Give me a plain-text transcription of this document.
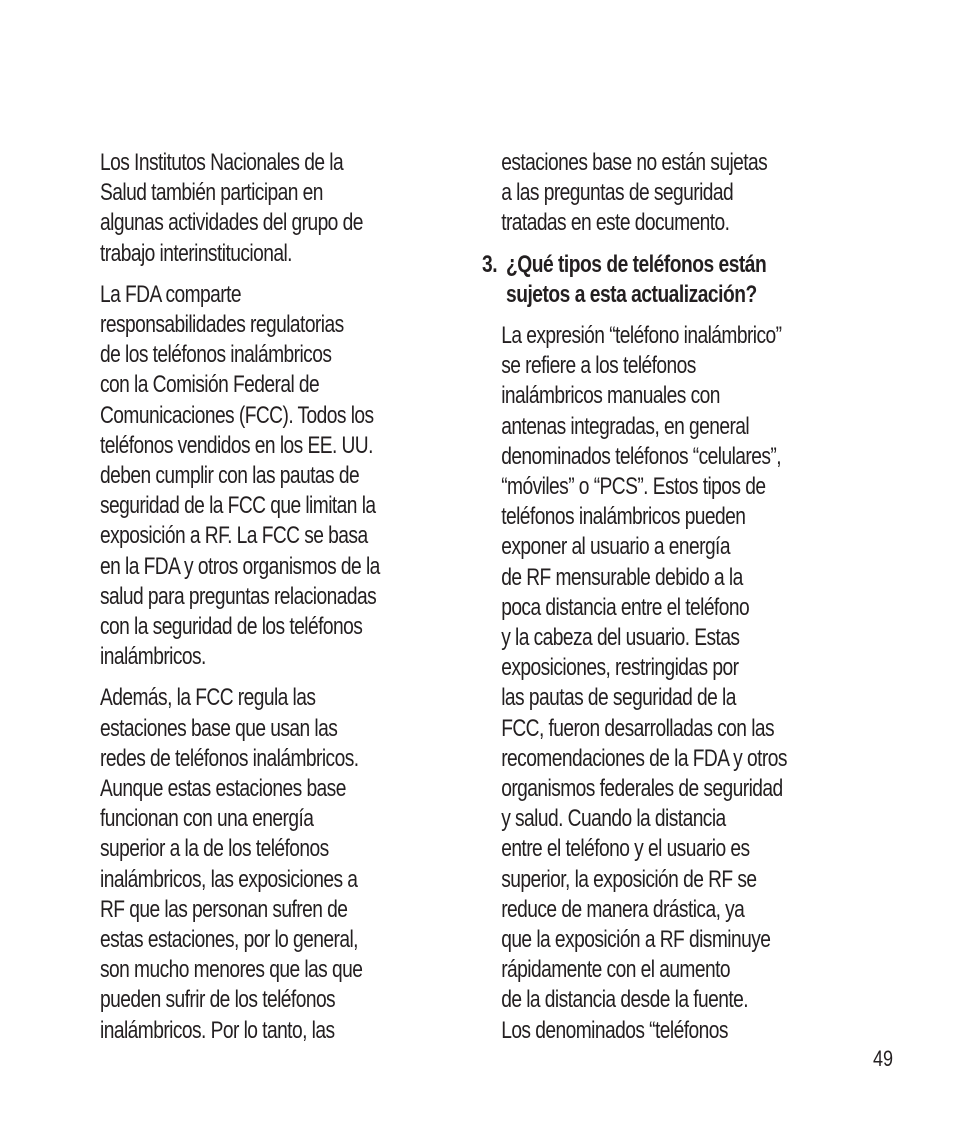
Los Institutos Nacionales de la
Salud también participan en
algunas actividades del grupo de
trabajo interinstitucional.
La FDA comparte
responsabilidades regulatorias
de los teléfonos inalámbricos
con la Comisión Federal de
Comunicaciones (FCC). Todos los
teléfonos vendidos en los EE. UU.
deben cumplir con las pautas de
seguridad de la FCC que limitan la
exposición a RF. La FCC se basa
en la FDA y otros organismos de la
salud para preguntas relacionadas
con la seguridad de los teléfonos
inalámbricos.
Además, la FCC regula las
estaciones base que usan las
redes de teléfonos inalámbricos.
Aunque estas estaciones base
funcionan con una energía
superior a la de los teléfonos
inalámbricos, las exposiciones a
RF que las personan sufren de
estas estaciones, por lo general,
son mucho menores que las que
pueden sufrir de los teléfonos
inalámbricos. Por lo tanto, las
estaciones base no están sujetas
a las preguntas de seguridad
tratadas en este documento.
3. ¿Qué tipos de teléfonos están
sujetos a esta actualización?
La expresión “teléfono inalámbrico”
se refiere a los teléfonos
inalámbricos manuales con
antenas integradas, en general
denominados teléfonos “celulares”,
“móviles” o “PCS”. Estos tipos de
teléfonos inalámbricos pueden
exponer al usuario a energía
de RF mensurable debido a la
poca distancia entre el teléfono
y la cabeza del usuario. Estas
exposiciones, restringidas por
las pautas de seguridad de la
FCC, fueron desarrolladas con las
recomendaciones de la FDA y otros
organismos federales de seguridad
y salud. Cuando la distancia
entre el teléfono y el usuario es
superior, la exposición de RF se
reduce de manera drástica, ya
que la exposición a RF disminuye
rápidamente con el aumento
de la distancia desde la fuente.
Los denominados “teléfonos
49
